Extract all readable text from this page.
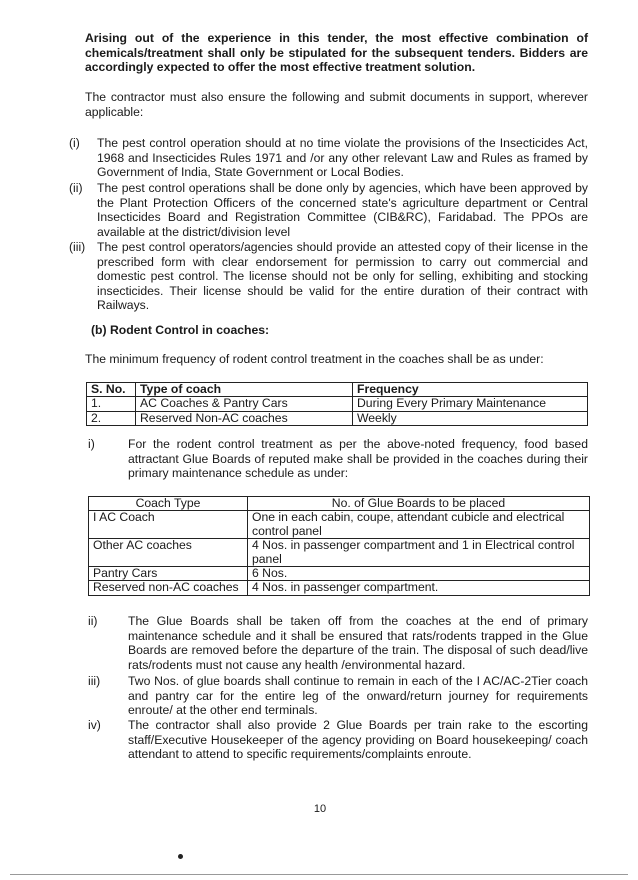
Arising out of the experience in this tender, the most effective combination of chemicals/treatment shall only be stipulated for the subsequent tenders. Bidders are accordingly expected to offer the most effective treatment solution.

The contractor must also ensure the following and submit documents in support, wherever applicable:

(i) The pest control operation should at no time violate the provisions of the Insecticides Act, 1968 and Insecticides Rules 1971 and /or any other relevant Law and Rules as framed by Government of India, State Government or Local Bodies.

(ii) The pest control operations shall be done only by agencies, which have been approved by the Plant Protection Officers of the concerned state's agriculture department or Central Insecticides Board and Registration Committee (CIB&RC), Faridabad. The PPOs are available at the district/division level

(iii) The pest control operators/agencies should provide an attested copy of their license in the prescribed form with clear endorsement for permission to carry out commercial and domestic pest control. The license should not be only for selling, exhibiting and stocking insecticides. Their license should be valid for the entire duration of their contract with Railways.

(b) Rodent Control in coaches:

The minimum frequency of rodent control treatment in the coaches shall be as under:

S. No.	Type of coach	Frequency
1.	AC Coaches & Pantry Cars	During Every Primary Maintenance
2.	Reserved Non-AC coaches	Weekly
i)	For the rodent control treatment as per the above-noted frequency, food based attractant Glue Boards of reputed make shall be provided in the coaches during their primary maintenance schedule as under:

Coach Type	No. of Glue Boards to be placed
I AC Coach	One in each cabin, coupe, attendant cubicle and electrical control panel
Other AC coaches	4 Nos. in passenger compartment and 1 in Electrical control panel
Pantry Cars	6 Nos.
Reserved non-AC coaches	4 Nos. in passenger compartment.
ii)	The Glue Boards shall be taken off from the coaches at the end of primary maintenance schedule and it shall be ensured that rats/rodents trapped in the Glue Boards are removed before the departure of the train. The disposal of such dead/live rats/rodents must not cause any health /environmental hazard.

iii) Two Nos. of glue boards shall continue to remain in each of the I AC/AC-2Tier coach and pantry car for the entire leg of the onward/return journey for requirements enroute/ at the other end terminals.

iv) The contractor shall also provide 2 Glue Boards per train rake to the escorting staff/Executive Housekeeper of the agency providing on Board housekeeping/ coach attendant to attend to specific requirements/complaints enroute.

10
